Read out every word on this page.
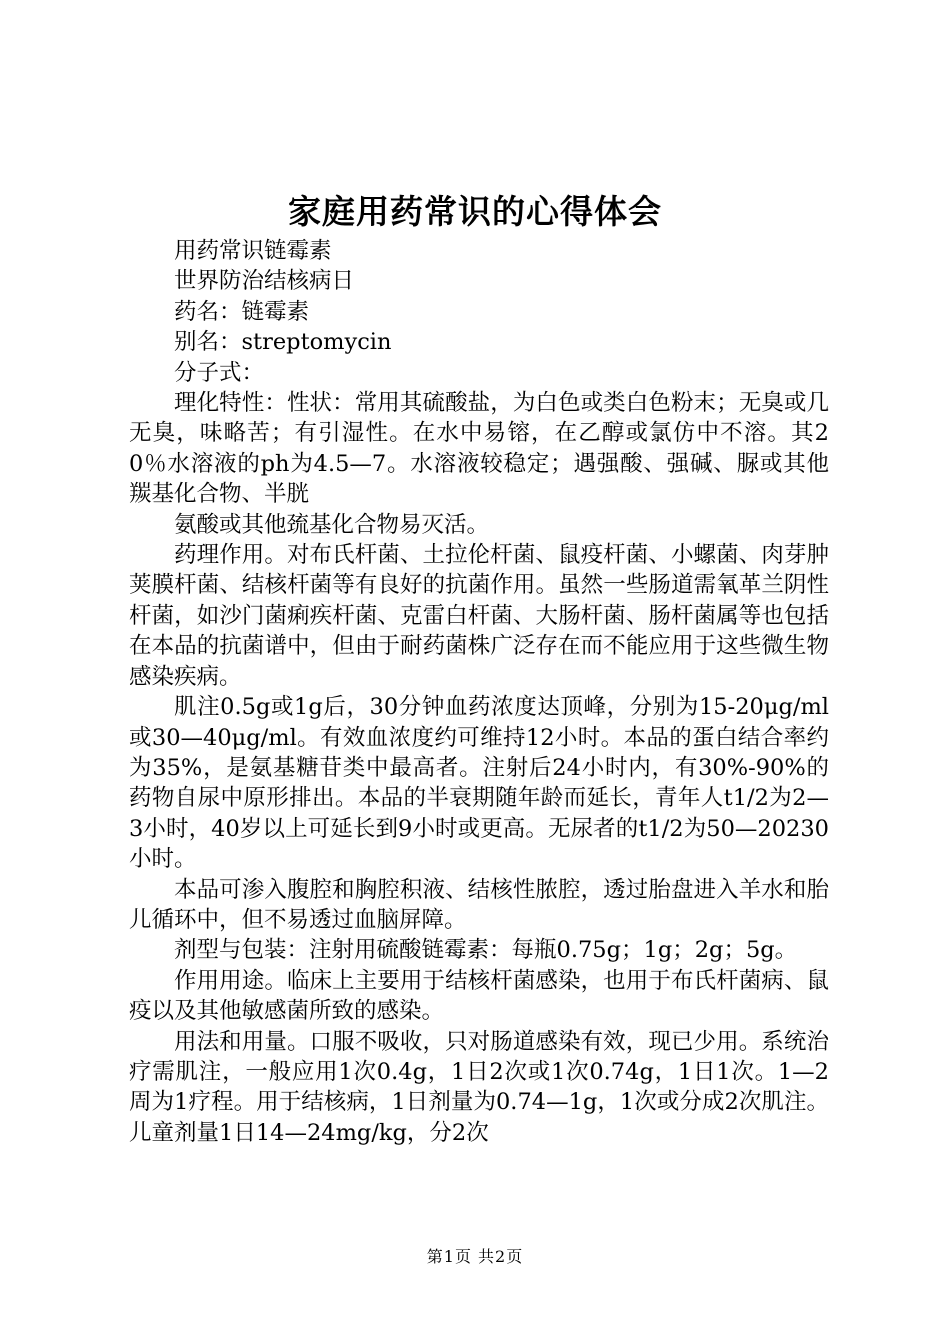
家庭用药常识的心得体会

用药常识链霉素

世界防治结核病日

药名：链霉素

别名：streptomycin

分子式：

理化特性：性状：常用其硫酸盐，为白色或类白色粉末；无臭或几无臭，味略苦；有引湿性。在水中易镕，在乙醇或氯仿中不溶。其20％水溶液的ph为4.5—7。水溶液较稳定；遇强酸、强碱、脲或其他羰基化合物、半胱

氨酸或其他巯基化合物易灭活。

药理作用。对布氏杆菌、土拉伦杆菌、鼠疫杆菌、小螺菌、肉芽肿荚膜杆菌、结核杆菌等有良好的抗菌作用。虽然一些肠道需氧革兰阴性杆菌，如沙门菌痢疾杆菌、克雷白杆菌、大肠杆菌、肠杆菌属等也包括在本品的抗菌谱中，但由于耐药菌株广泛存在而不能应用于这些微生物感染疾病。

肌注0.5g或1g后，30分钟血药浓度达顶峰，分别为15-20μg/ml或30—40μg/ml。有效血浓度约可维持12小时。本品的蛋白结合率约为35%，是氨基糖苷类中最高者。注射后24小时内，有30%-90%的药物自尿中原形排出。本品的半衰期随年龄而延长，青年人t1/2为2—3小时，40岁以上可延长到9小时或更高。无尿者的t1/2为50—20230小时。

本品可渗入腹腔和胸腔积液、结核性脓腔，透过胎盘进入羊水和胎儿循环中，但不易透过血脑屏障。

剂型与包装：注射用硫酸链霉素：每瓶0.75g；1g；2g；5g。

作用用途。临床上主要用于结核杆菌感染，也用于布氏杆菌病、鼠疫以及其他敏感菌所致的感染。

用法和用量。口服不吸收，只对肠道感染有效，现已少用。系统治疗需肌注，一般应用1次0.4g，1日2次或1次0.74g，1日1次。1—2周为1疗程。用于结核病，1日剂量为0.74—1g，1次或分成2次肌注。儿童剂量1日14—24mg/kg，分2次

第1页 共2页
